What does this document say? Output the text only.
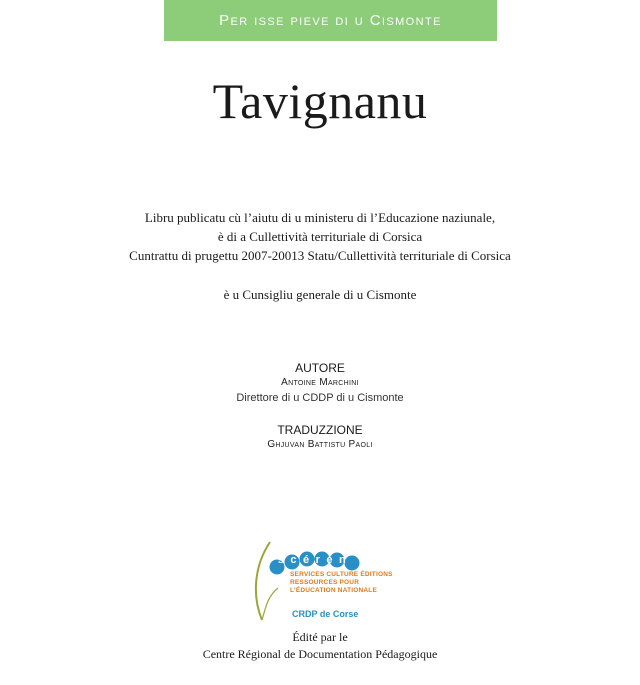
Per isse pieve di u Cismonte
Tavignanu
Libru publicatu cù l’aiutu di u ministeru di l’Educazione naziunale,
è di a Cullettività territuriale di Corsica
Cuntrattu di prugettu 2007-20013 Statu/Cullettività territuriale di Corsica
è u Cunsigliu generale di u Cismonte
AUTORE
Antoine Marchini
Direttore di u CDDP di u Cismonte
TRADUZZIONE
Ghjuvan Battistu Paoli
scérén
SERVICES CULTURE ÉDITIONS
RESSOURCES POUR
L’ÉDUCATION NATIONALE
CRDP de Corse
Édité par le
Centre Régional de Documentation Pédagogique
